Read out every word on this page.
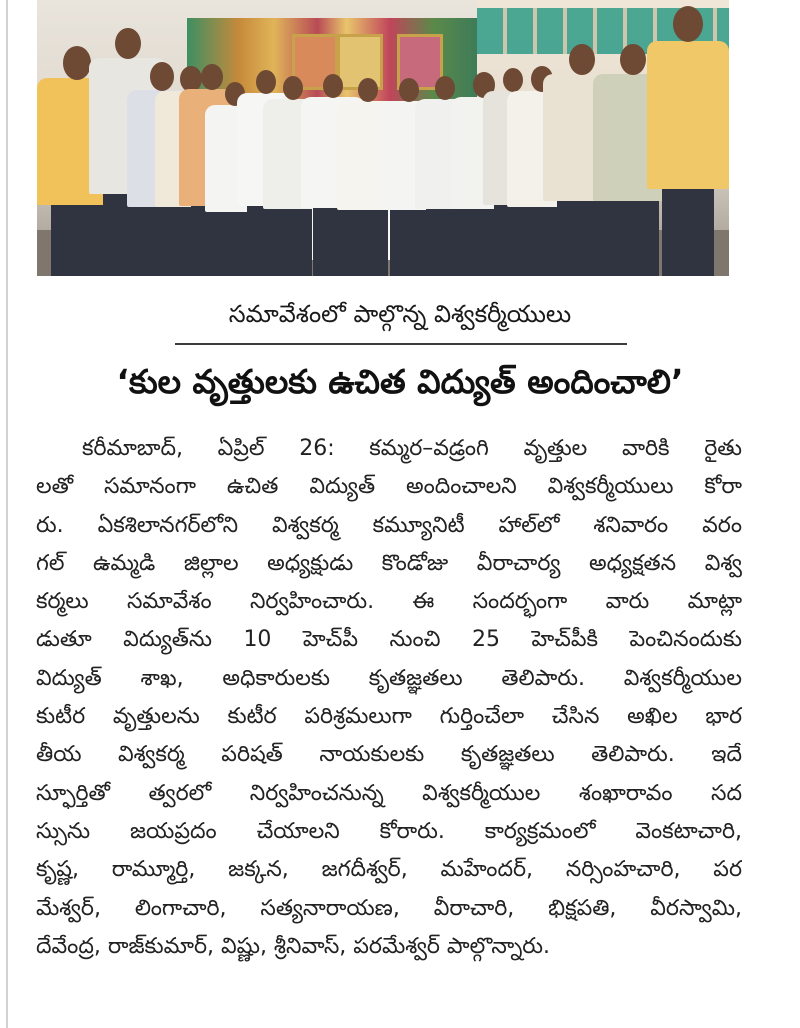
సమావేశంలో పాల్గొన్న విశ్వకర్మీయులు
‘కుల వృత్తులకు ఉచిత విద్యుత్ అందించాలి’
కరీమాబాద్, ఏప్రిల్ 26: కమ్మర–వడ్రంగి వృత్తుల వారికి రైతు
లతో సమానంగా ఉచిత విద్యుత్ అందించాలని విశ్వకర్మీయులు కోరా
రు. ఏకశిలానగర్‌లోని విశ్వకర్మ కమ్యూనిటీ హాల్‌లో శనివారం వరం
గల్ ఉమ్మడి జిల్లాల అధ్యక్షుడు కొండోజు వీరాచార్య అధ్యక్షతన విశ్వ
కర్మలు సమావేశం నిర్వహించారు. ఈ సందర్భంగా వారు మాట్లా
డుతూ విద్యుత్‌ను 10 హెచ్‌పీ నుంచి 25 హెచ్‌పీకి పెంచినందుకు
విద్యుత్ శాఖ, అధికారులకు కృతజ్ఞతలు తెలిపారు. విశ్వకర్మీయుల
కుటీర వృత్తులను కుటీర పరిశ్రమలుగా గుర్తించేలా చేసిన అఖిల భార
తీయ విశ్వకర్మ పరిషత్ నాయకులకు కృతజ్ఞతలు తెలిపారు. ఇదే
స్ఫూర్తితో త్వరలో నిర్వహించనున్న విశ్వకర్మీయుల శంఖారావం సద
స్సును జయప్రదం చేయాలని కోరారు. కార్యక్రమంలో వెంకటాచారి,
కృష్ణ, రామ్మూర్తి, జక్కన, జగదీశ్వర్, మహేందర్, నర్సింహచారి, పర
మేశ్వర్, లింగాచారి, సత్యనారాయణ, వీరాచారి, భిక్షపతి, వీరస్వామి,
దేవేంద్ర, రాజ్‌కుమార్, విష్ణు, శ్రీనివాస్, పరమేశ్వర్ పాల్గొన్నారు.
